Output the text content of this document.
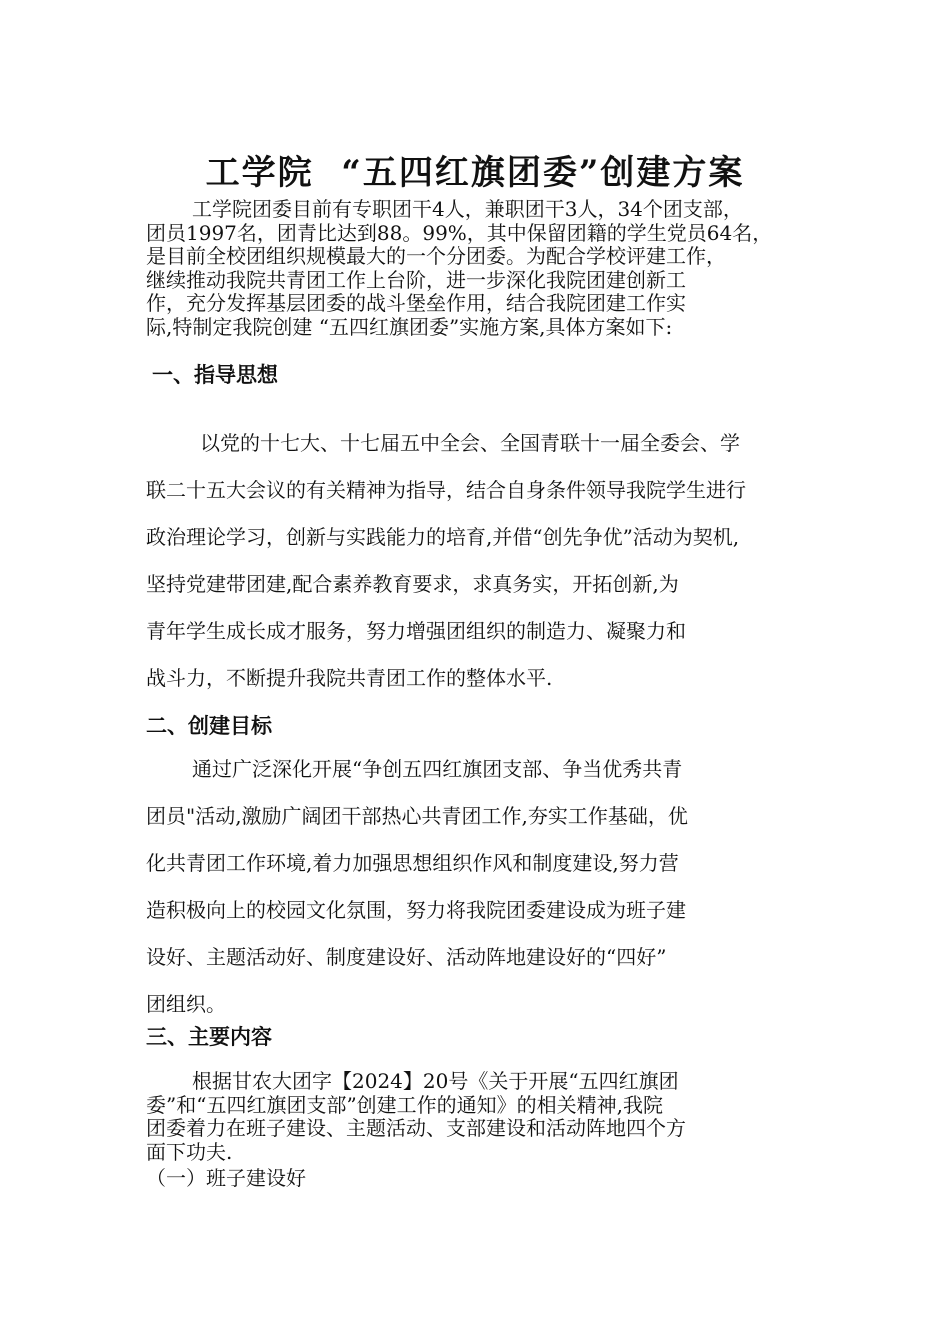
工学院  “五四红旗团委”创建方案
工学院团委目前有专职团干4人，兼职团干3人，34个团支部，
团员1997名，团青比达到88。99%，其中保留团籍的学生党员64名，
是目前全校团组织规模最大的一个分团委。为配合学校评建工作，
继续推动我院共青团工作上台阶，进一步深化我院团建创新工
作，充分发挥基层团委的战斗堡垒作用，结合我院团建工作实
际,特制定我院创建 “五四红旗团委”实施方案,具体方案如下:
一、指导思想
以党的十七大、十七届五中全会、全国青联十一届全委会、学
联二十五大会议的有关精神为指导，结合自身条件领导我院学生进行
政治理论学习，创新与实践能力的培育,并借“创先争优”活动为契机,
坚持党建带团建,配合素养教育要求，求真务实，开拓创新,为
青年学生成长成才服务，努力增强团组织的制造力、凝聚力和
战斗力，不断提升我院共青团工作的整体水平.
二、创建目标
通过广泛深化开展“争创五四红旗团支部、争当优秀共青
团员"活动,激励广阔团干部热心共青团工作,夯实工作基础，优
化共青团工作环境,着力加强思想组织作风和制度建设,努力营
造积极向上的校园文化氛围，努力将我院团委建设成为班子建
设好、主题活动好、制度建设好、活动阵地建设好的“四好”
团组织。
三、主要内容
根据甘农大团字【2024】20号《关于开展“五四红旗团
委”和“五四红旗团支部”创建工作的通知》的相关精神,我院
团委着力在班子建设、主题活动、支部建设和活动阵地四个方
面下功夫.
（一）班子建设好
